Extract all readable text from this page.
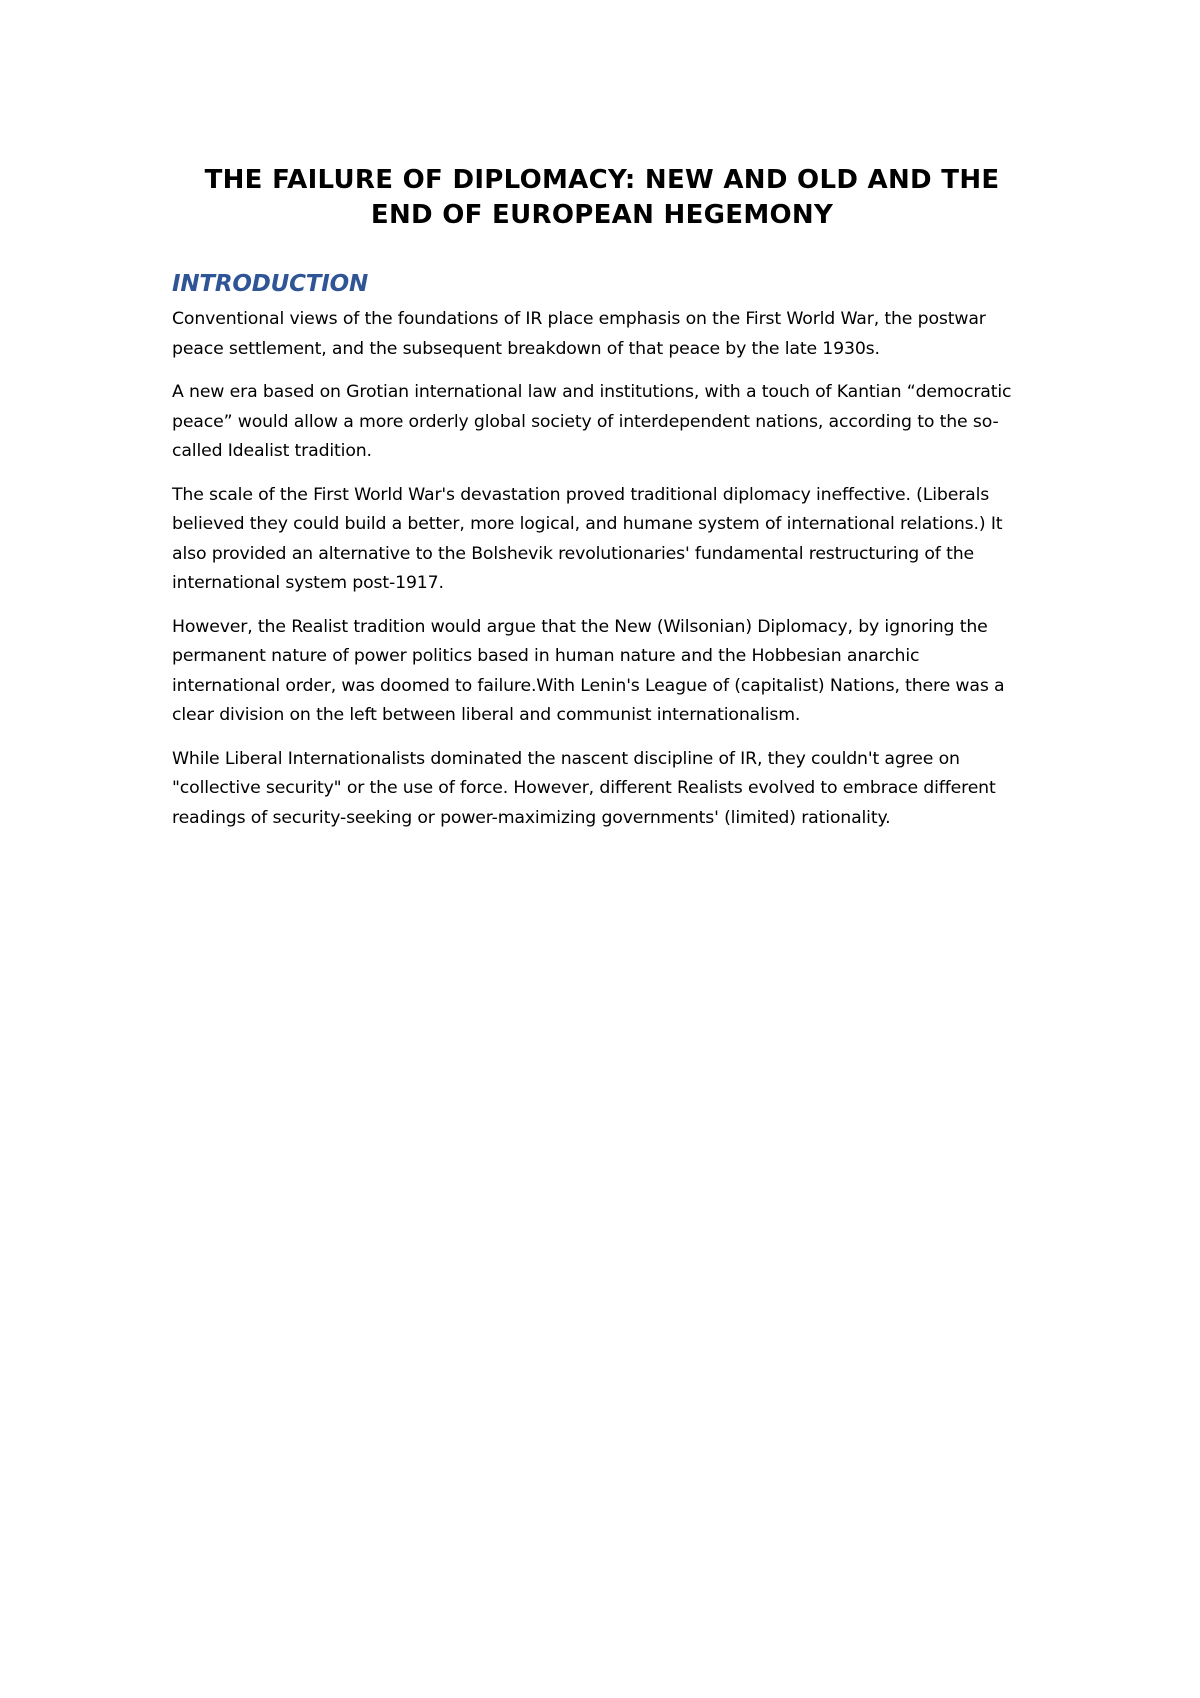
THE FAILURE OF DIPLOMACY: NEW AND OLD AND THE END OF EUROPEAN HEGEMONY
INTRODUCTION

Conventional views of the foundations of IR place emphasis on the First World War, the postwar peace settlement, and the subsequent breakdown of that peace by the late 1930s.

A new era based on Grotian international law and institutions, with a touch of Kantian “democratic peace” would allow a more orderly global society of interdependent nations, according to the so-called Idealist tradition.

The scale of the First World War's devastation proved traditional diplomacy ineffective. (Liberals believed they could build a better, more logical, and humane system of international relations.) It also provided an alternative to the Bolshevik revolutionaries' fundamental restructuring of the international system post-1917.

However, the Realist tradition would argue that the New (Wilsonian) Diplomacy, by ignoring the permanent nature of power politics based in human nature and the Hobbesian anarchic international order, was doomed to failure.With Lenin's League of (capitalist) Nations, there was a clear division on the left between liberal and communist internationalism.

While Liberal Internationalists dominated the nascent discipline of IR, they couldn't agree on "collective security" or the use of force. However, different Realists evolved to embrace different readings of security-seeking or power-maximizing governments' (limited) rationality.
